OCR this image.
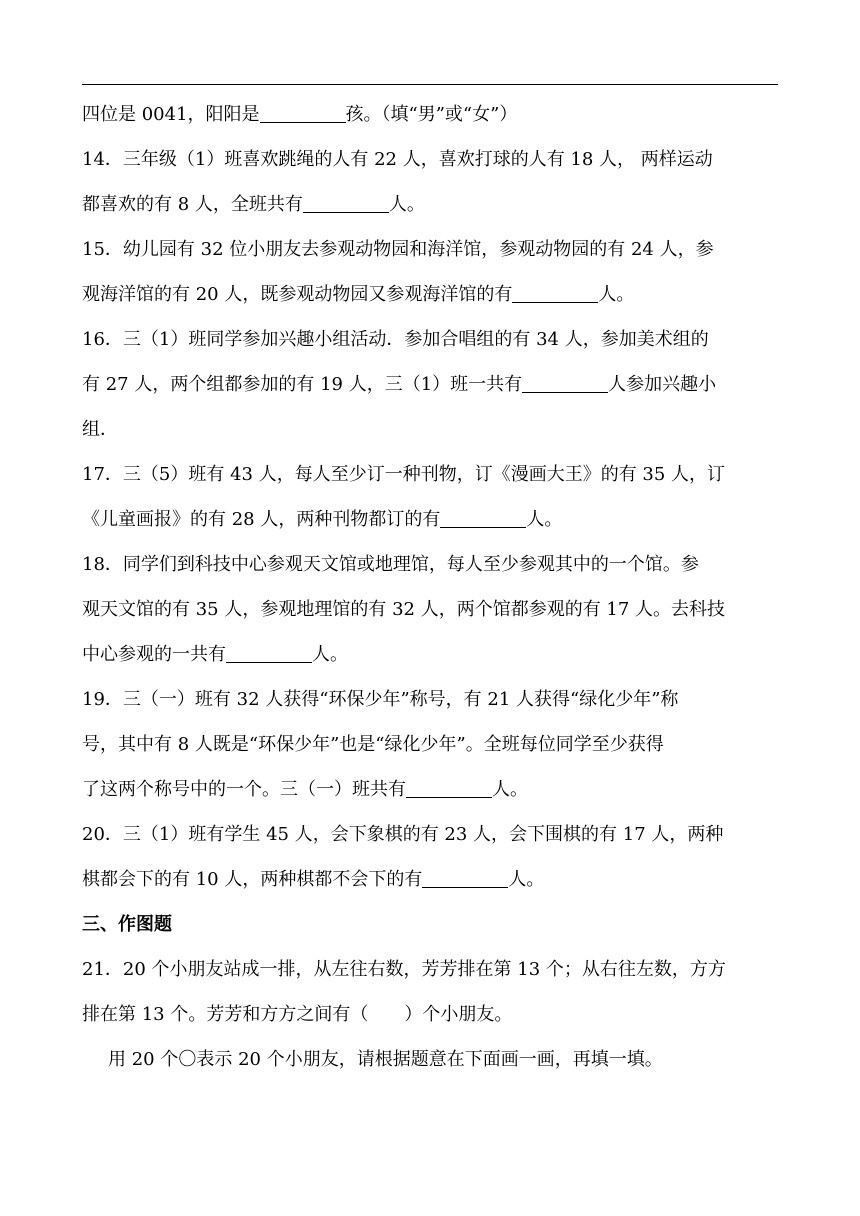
四位是 0041，阳阳是	孩。（填“男”或“女”）
14．三年级（1）班喜欢跳绳的人有 22 人，喜欢打球的人有 18 人， 两样运动
都喜欢的有 8 人，全班共有	人。
15．幼儿园有 32 位小朋友去参观动物园和海洋馆，参观动物园的有 24 人，参
观海洋馆的有 20 人，既参观动物园又参观海洋馆的有	人。
16．三（1）班同学参加兴趣小组活动．参加合唱组的有 34 人，参加美术组的
有 27 人，两个组都参加的有 19 人，三（1）班一共有	人参加兴趣小
组．
17．三（5）班有 43 人，每人至少订一种刊物，订《漫画大王》的有 35 人，订
《儿童画报》的有 28 人，两种刊物都订的有	人。
18．同学们到科技中心参观天文馆或地理馆，每人至少参观其中的一个馆。参
观天文馆的有 35 人，参观地理馆的有 32 人，两个馆都参观的有 17 人。去科技
中心参观的一共有	人。
19．三（一）班有 32 人获得“环保少年”称号，有 21 人获得“绿化少年”称
号，其中有 8 人既是“环保少年”也是“绿化少年”。全班每位同学至少获得
了这两个称号中的一个。三（一）班共有	人。
20．三（1）班有学生 45 人，会下象棋的有 23 人，会下围棋的有 17 人，两种
棋都会下的有 10 人，两种棋都不会下的有	人。
三、作图题
21．20 个小朋友站成一排，从左往右数，芳芳排在第 13 个；从右往左数，方方
排在第 13 个。芳芳和方方之间有（　　）个小朋友。
用 20 个〇表示 20 个小朋友，请根据题意在下面画一画，再填一填。
